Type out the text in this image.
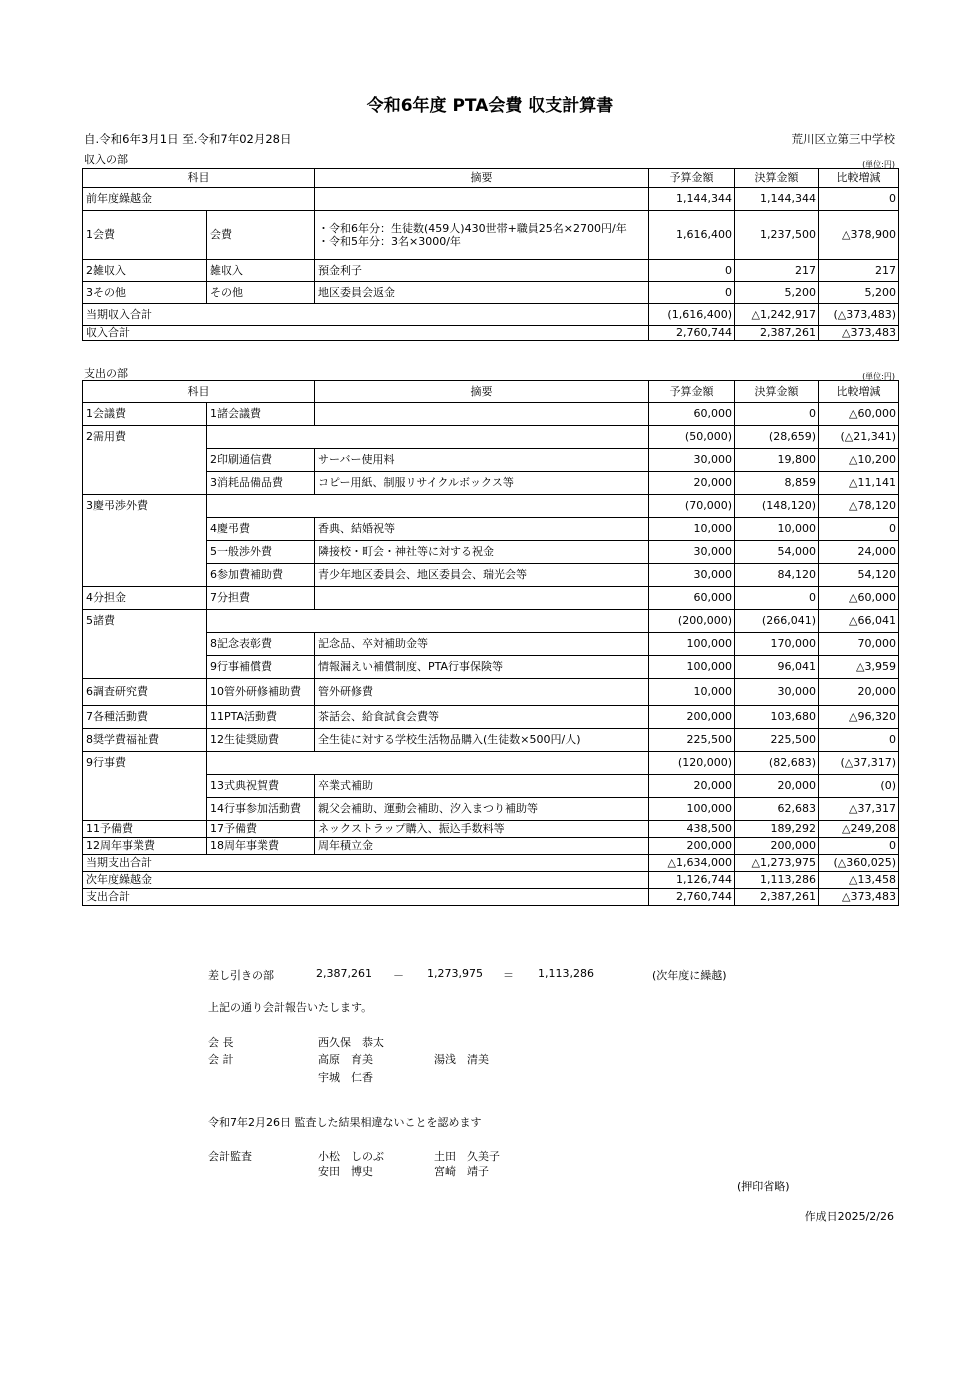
令和6年度 PTA会費 収支計算書
自.令和6年3月1日 至.令和7年02月28日	荒川区立第三中学校
収入の部	(単位:円)
科目		摘要	予算金額	決算金額	比較増減
前年度繰越金			1,144,344	1,144,344	0
1会費	会費	・令和6年分：生徒数(459人)430世帯+職員25名×2700円/年
・令和5年分：3名×3000/年	1,616,400	1,237,500	△378,900
2雑収入	雑収入	預金利子	0	217	217
3その他	その他	地区委員会返金	0	5,200	5,200
当期収入合計			(1,616,400)	△1,242,917	(△373,483)
収入合計			2,760,744	2,387,261	△373,483
支出の部	(単位:円)
科目		摘要	予算金額	決算金額	比較増減
1会議費	1諸会議費		60,000	0	△60,000
2需用費			(50,000)	(28,659)	(△21,341)
	2印刷通信費	サーバー使用料	30,000	19,800	△10,200
	3消耗品備品費	コピー用紙、制服リサイクルボックス等	20,000	8,859	△11,141
3慶弔渉外費			(70,000)	(148,120)	△78,120
	4慶弔費	香典、結婚祝等	10,000	10,000	0
	5一般渉外費	隣接校・町会・神社等に対する祝金	30,000	54,000	24,000
	6参加費補助費	青少年地区委員会、地区委員会、瑞光会等	30,000	84,120	54,120
4分担金	7分担費		60,000	0	△60,000
5諸費			(200,000)	(266,041)	△66,041
	8記念表彰費	記念品、卒対補助金等	100,000	170,000	70,000
	9行事補償費	情報漏えい補償制度、PTA行事保険等	100,000	96,041	△3,959
6調査研究費	10管外研修補助費	管外研修費	10,000	30,000	20,000
7各種活動費	11PTA活動費	茶話会、給食試食会費等	200,000	103,680	△96,320
8奨学費福祉費	12生徒奨励費	全生徒に対する学校生活物品購入(生徒数×500円/人)	225,500	225,500	0
9行事費			(120,000)	(82,683)	(△37,317)
	13式典祝賀費	卒業式補助	20,000	20,000	(0)
	14行事参加活動費	親父会補助、運動会補助、汐入まつり補助等	100,000	62,683	△37,317
11予備費	17予備費	ネックストラップ購入、振込手数料等	438,500	189,292	△249,208
12周年事業費	18周年事業費	周年積立金	200,000	200,000	0
当期支出合計			△1,634,000	△1,273,975	(△360,025)
次年度繰越金			1,126,744	1,113,286	△13,458
支出合計			2,760,744	2,387,261	△373,483
差し引きの部	2,387,261 － 1,273,975 ＝ 1,113,286	(次年度に繰越)
上記の通り会計報告いたします。
会 長	西久保　恭太
会 計	高原　育美	湯浅　清美
宇城　仁香
令和7年2月26日 監査した結果相違ないことを認めます
会計監査	小松　しのぶ	土田　久美子
安田　博史	宮崎　靖子
(押印省略)
作成日2025/2/26
